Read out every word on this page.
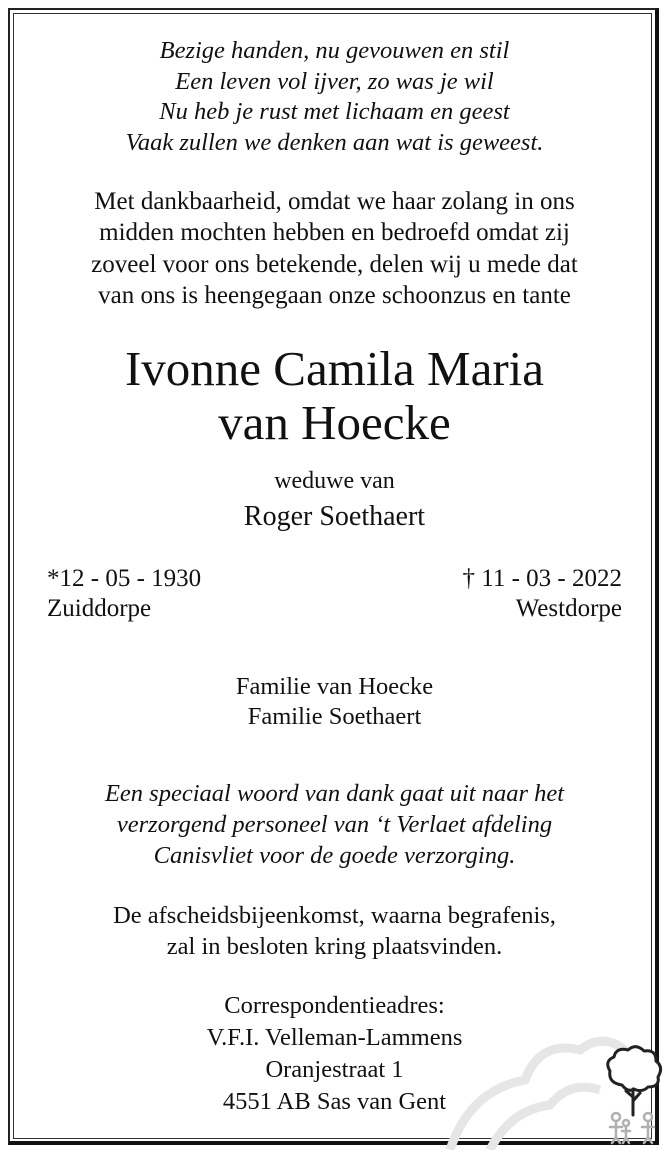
Bezige handen, nu gevouwen en stil
Een leven vol ijver, zo was je wil
Nu heb je rust met lichaam en geest
Vaak zullen we denken aan wat is geweest.
Met dankbaarheid, omdat we haar zolang in ons
midden mochten hebben en bedroefd omdat zij
zoveel voor ons betekende, delen wij u mede dat
van ons is heengegaan onze schoonzus en tante
Ivonne Camila Maria
van Hoecke
weduwe van
Roger Soethaert
*12 - 05 - 1930
Zuiddorpe
† 11 - 03 - 2022
Westdorpe
Familie van Hoecke
Familie Soethaert
Een speciaal woord van dank gaat uit naar het
verzorgend personeel van ‘t Verlaet afdeling
Canisvliet voor de goede verzorging.
De afscheidsbijeenkomst, waarna begrafenis,
zal in besloten kring plaatsvinden.
Correspondentieadres:
V.F.I. Velleman-Lammens
Oranjestraat 1
4551 AB Sas van Gent
